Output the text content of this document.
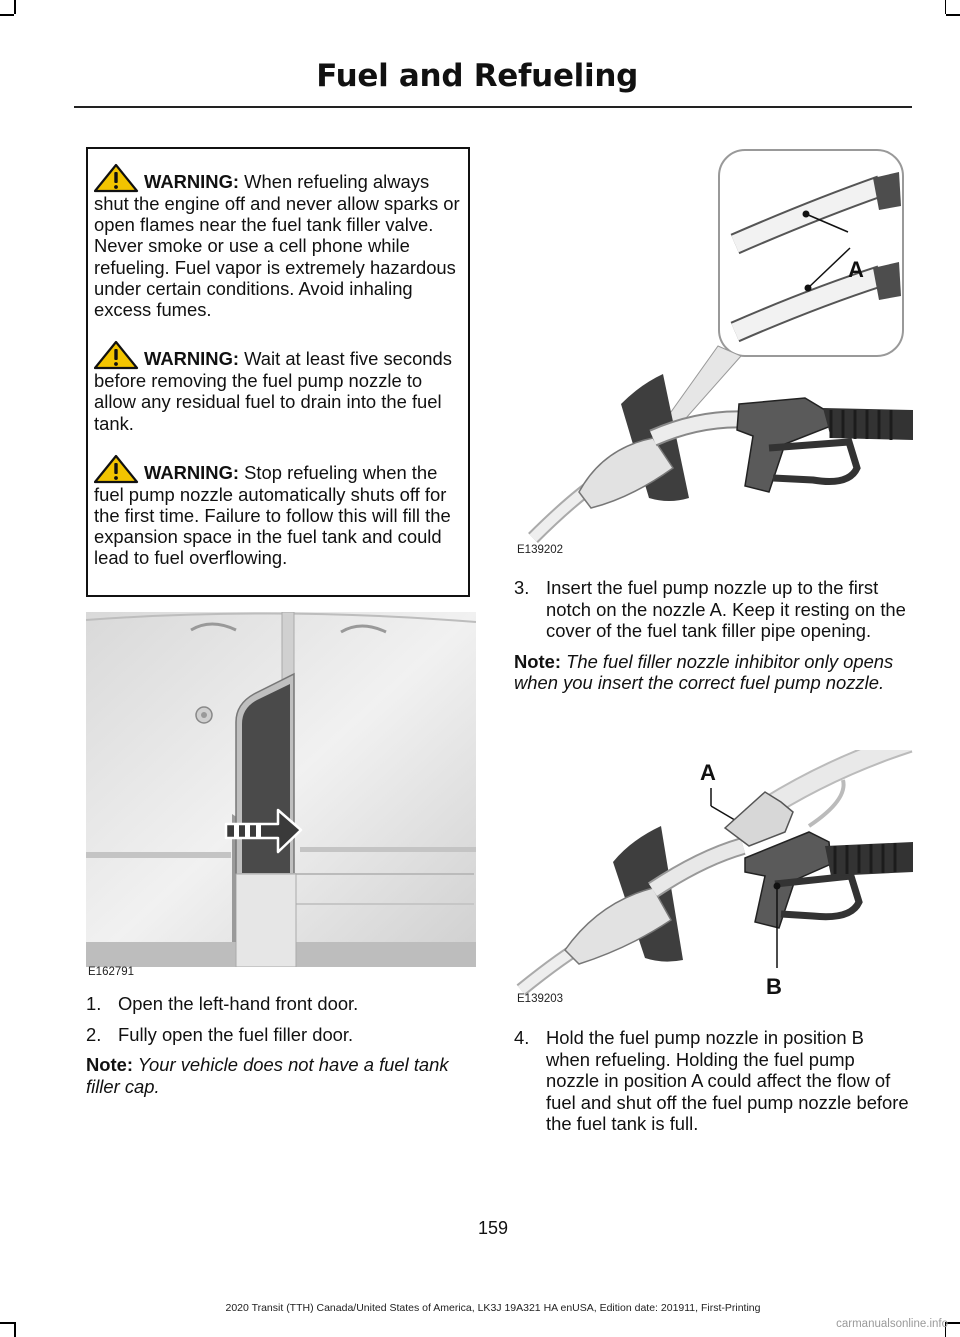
Fuel and Refueling

WARNING: When refueling always shut the engine off and never allow sparks or open flames near the fuel tank filler valve. Never smoke or use a cell phone while refueling. Fuel vapor is extremely hazardous under certain conditions. Avoid inhaling excess fumes.

WARNING: Wait at least five seconds before removing the fuel pump nozzle to allow any residual fuel to drain into the fuel tank.

WARNING: Stop refueling when the fuel pump nozzle automatically shuts off for the first time. Failure to follow this will fill the expansion space in the fuel tank and could lead to fuel overflowing.

E162791
1. Open the left-hand front door.
2. Fully open the fuel filler door.
Note: Your vehicle does not have a fuel tank filler cap.
A
E139202
3. Insert the fuel pump nozzle up to the first notch on the nozzle A. Keep it resting on the cover of the fuel tank filler pipe opening.
Note: The fuel filler nozzle inhibitor only opens when you insert the correct fuel pump nozzle.
A
B
E139203
4. Hold the fuel pump nozzle in position B when refueling. Holding the fuel pump nozzle in position A could affect the flow of fuel and shut off the fuel pump nozzle before the fuel tank is full.
159
2020 Transit (TTH) Canada/United States of America, LK3J 19A321 HA enUSA, Edition date: 201911, First-Printing
carmanualsonline.info
